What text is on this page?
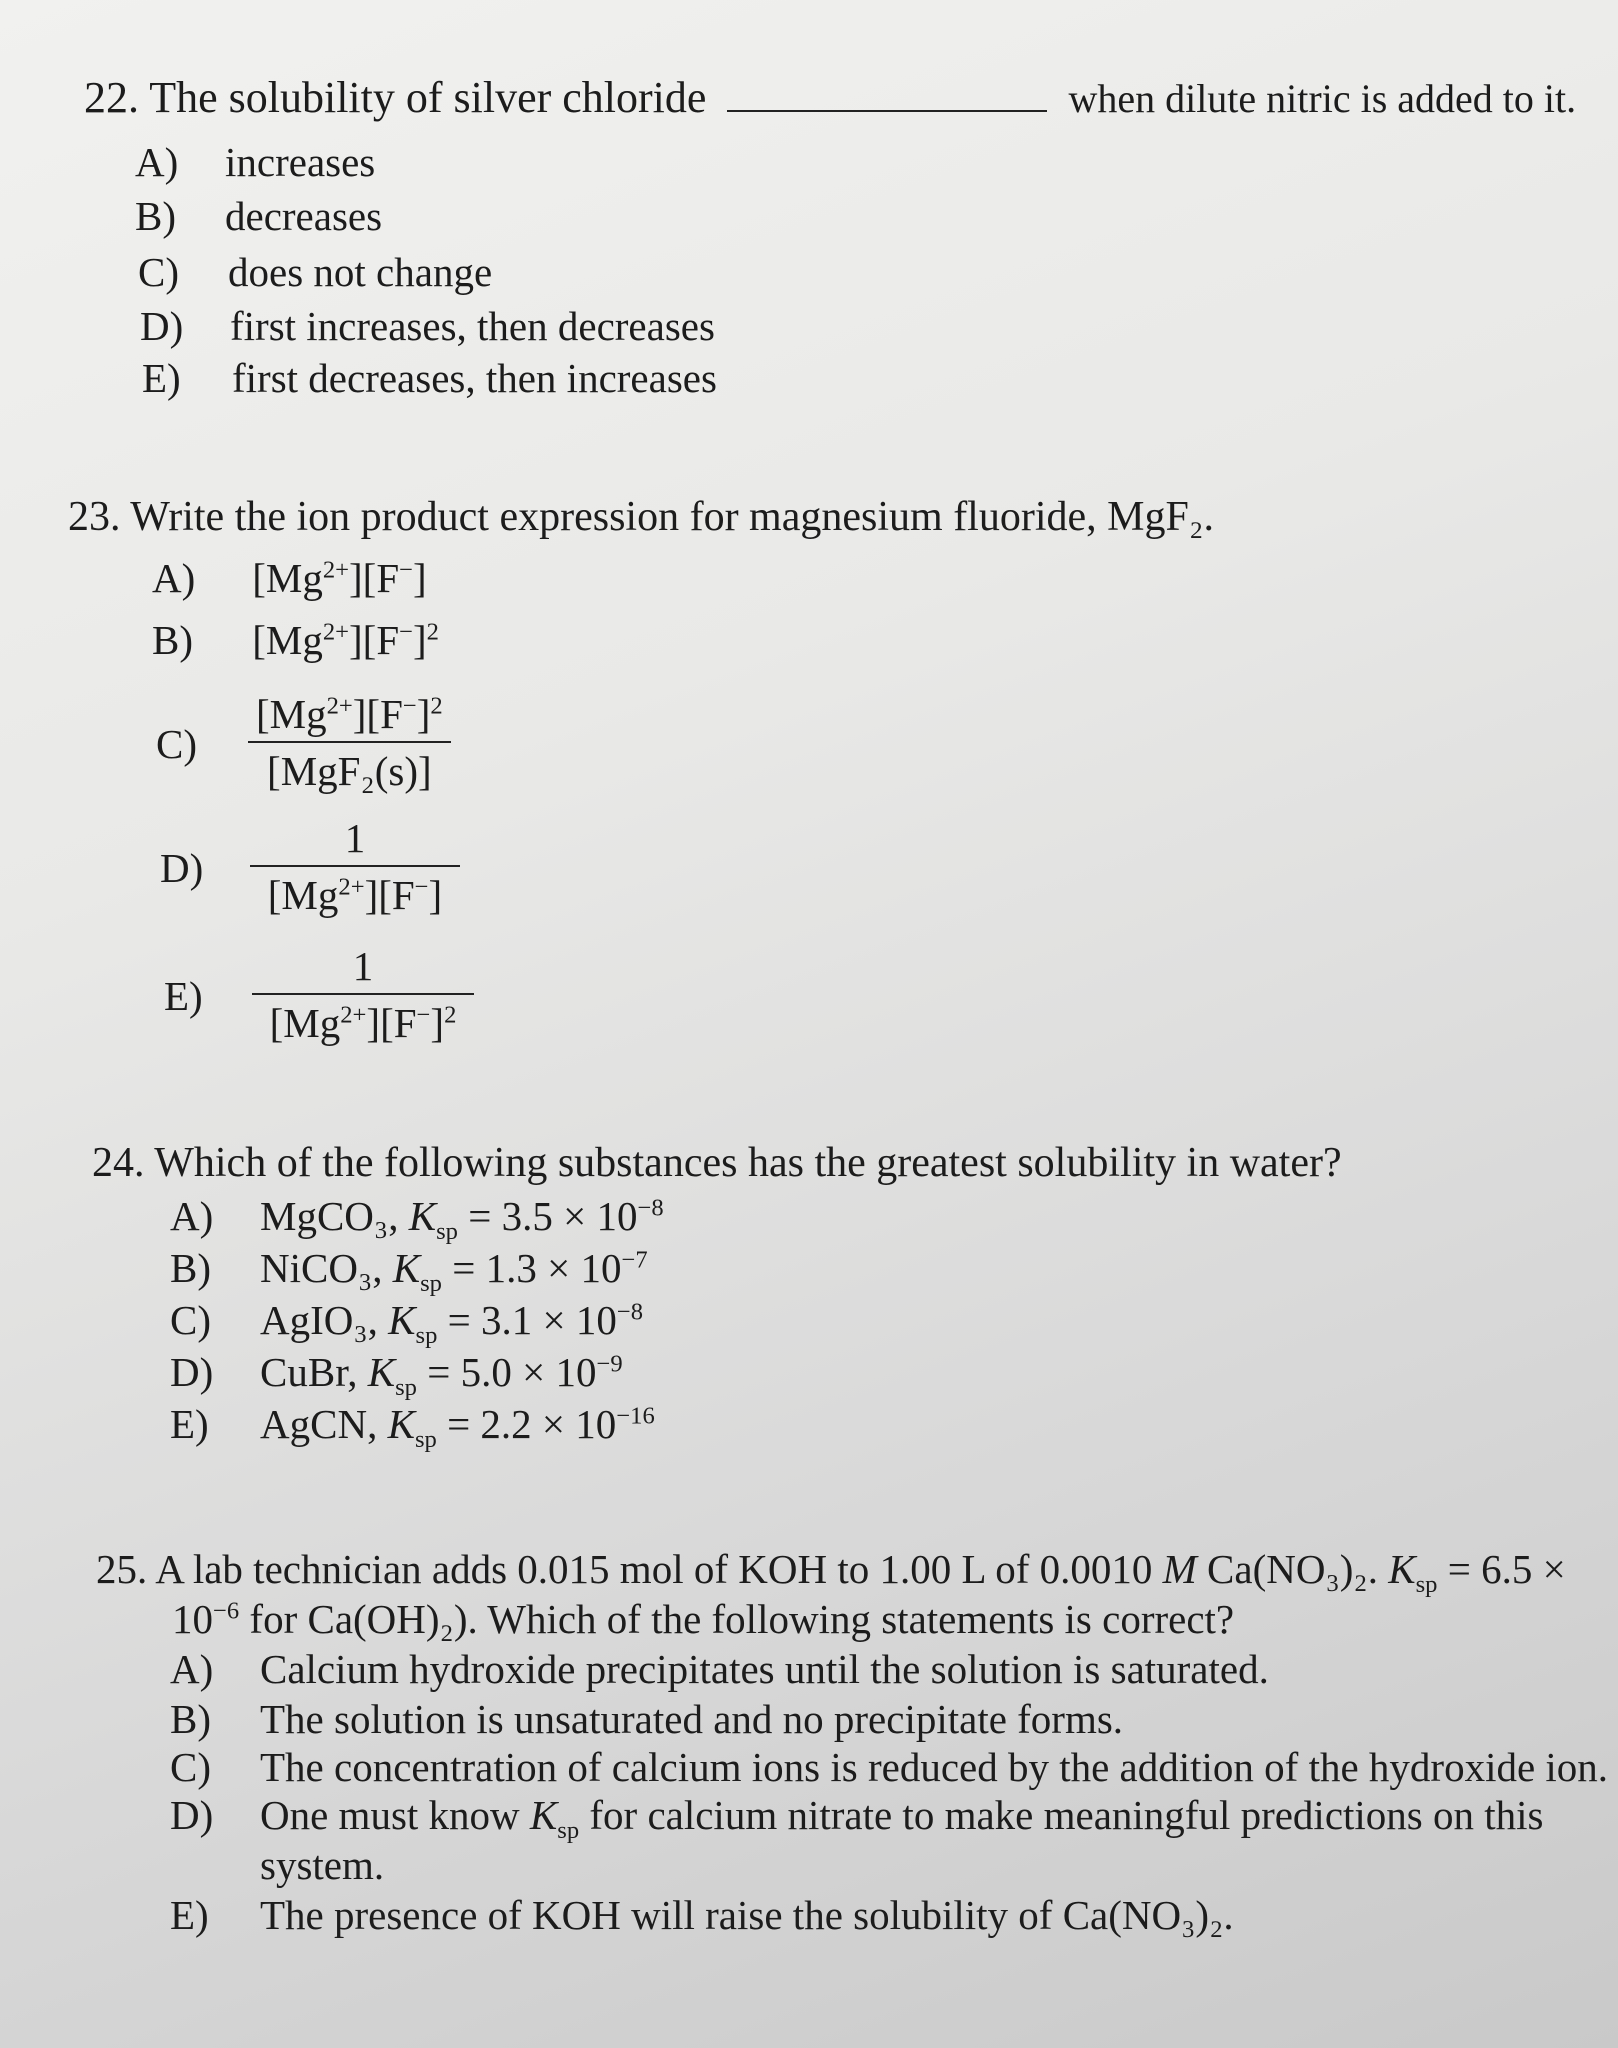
22. The solubility of silver chloride	when dilute nitric is added to it.
A) increases
B) decreases
C) does not change
D) first increases, then decreases
E) first decreases, then increases
23. Write the ion product expression for magnesium fluoride, MgF₂.
A) $[Mg^{2+}][F^-]$
B) $[Mg^{2+}][F^-]^2$
C)
$[Mg^{2+}][F^-]^2$
[MgF₂(s)]
$D) \frac{1}{[Mg^{2+}][F^-]}$
$E) \frac{1}{[Mg^{2+}][F^-]^2}$
24. Which of the following substances has the greatest solubility in water?
A) MgCO₃, $K_{sp} = 3.5 \times 10^{-8}$
B) NiCO₃, $K_{sp} = 1.3 \times 10^{-7}$
C) AgIO₃, $K_{sp} = 3.1 \times 10^{-8}$
D) CuBr, $K_{sp} = 5.0 \times 10^{-9}$
E) AgCN, $K_{sp} = 2.2 \times 10^{-16}$
25. A lab technician adds 0.015 mol of KOH to 1.00 L of 0.0010 M Ca(NO₃)₂. $K_{sp} = 6.5$ ×
$10^{-6}$ for Ca(OH)₂). Which of the following statements is correct?
A) Calcium hydroxide precipitates until the solution is saturated.
B) The solution is unsaturated and no precipitate forms.
C) The concentration of calcium ions is reduced by the addition of the hydroxide ion.
D) One must know $K_{sp}$ for calcium nitrate to make meaningful predictions on this
system.
E) The presence of KOH will raise the solubility of Ca(NO₃)₂.
